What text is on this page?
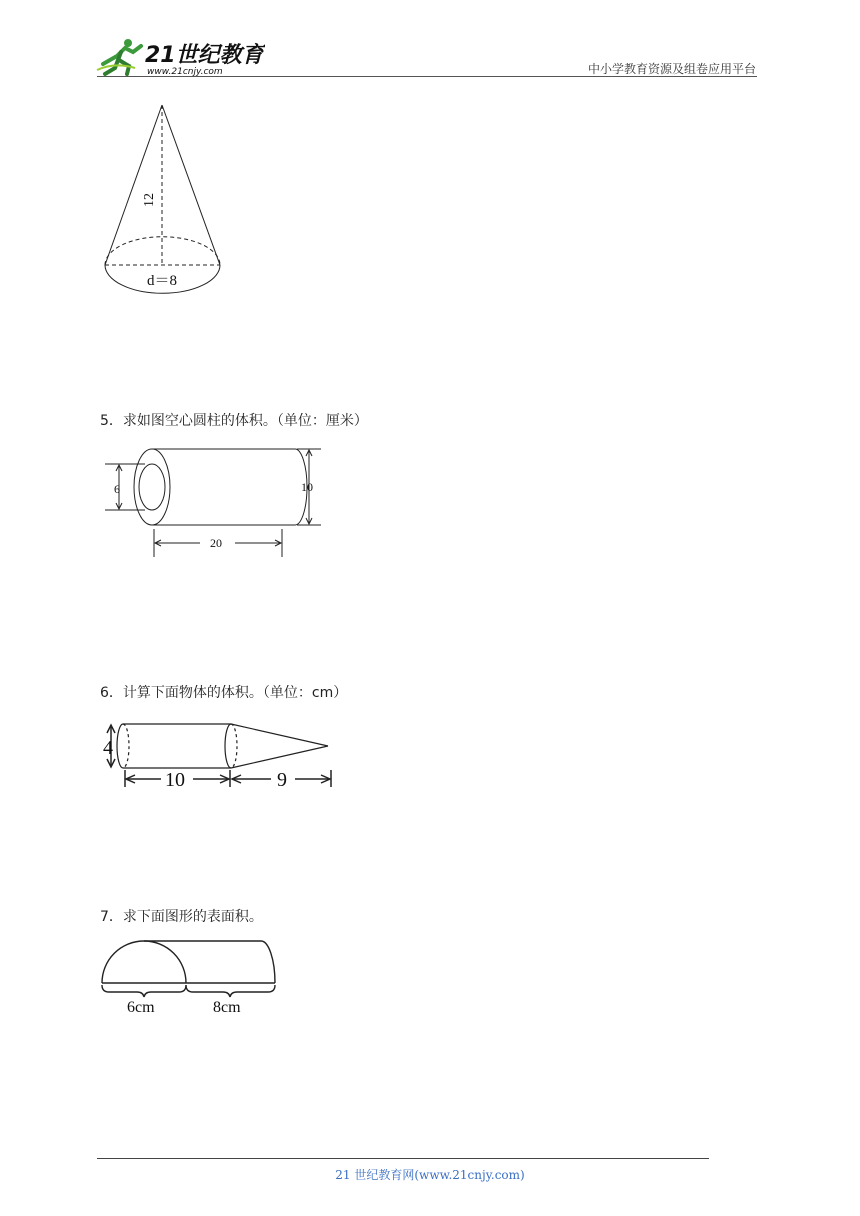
21世纪教育
www.21cnjy.com	中小学教育资源及组卷应用平台
12
d＝8
5．求如图空心圆柱的体积。（单位：厘米）
6	10
20
6．计算下面物体的体积。（单位：cm）
4
10	9
7．求下面图形的表面积。
6cm	8cm
21 世纪教育网(www.21cnjy.com)
